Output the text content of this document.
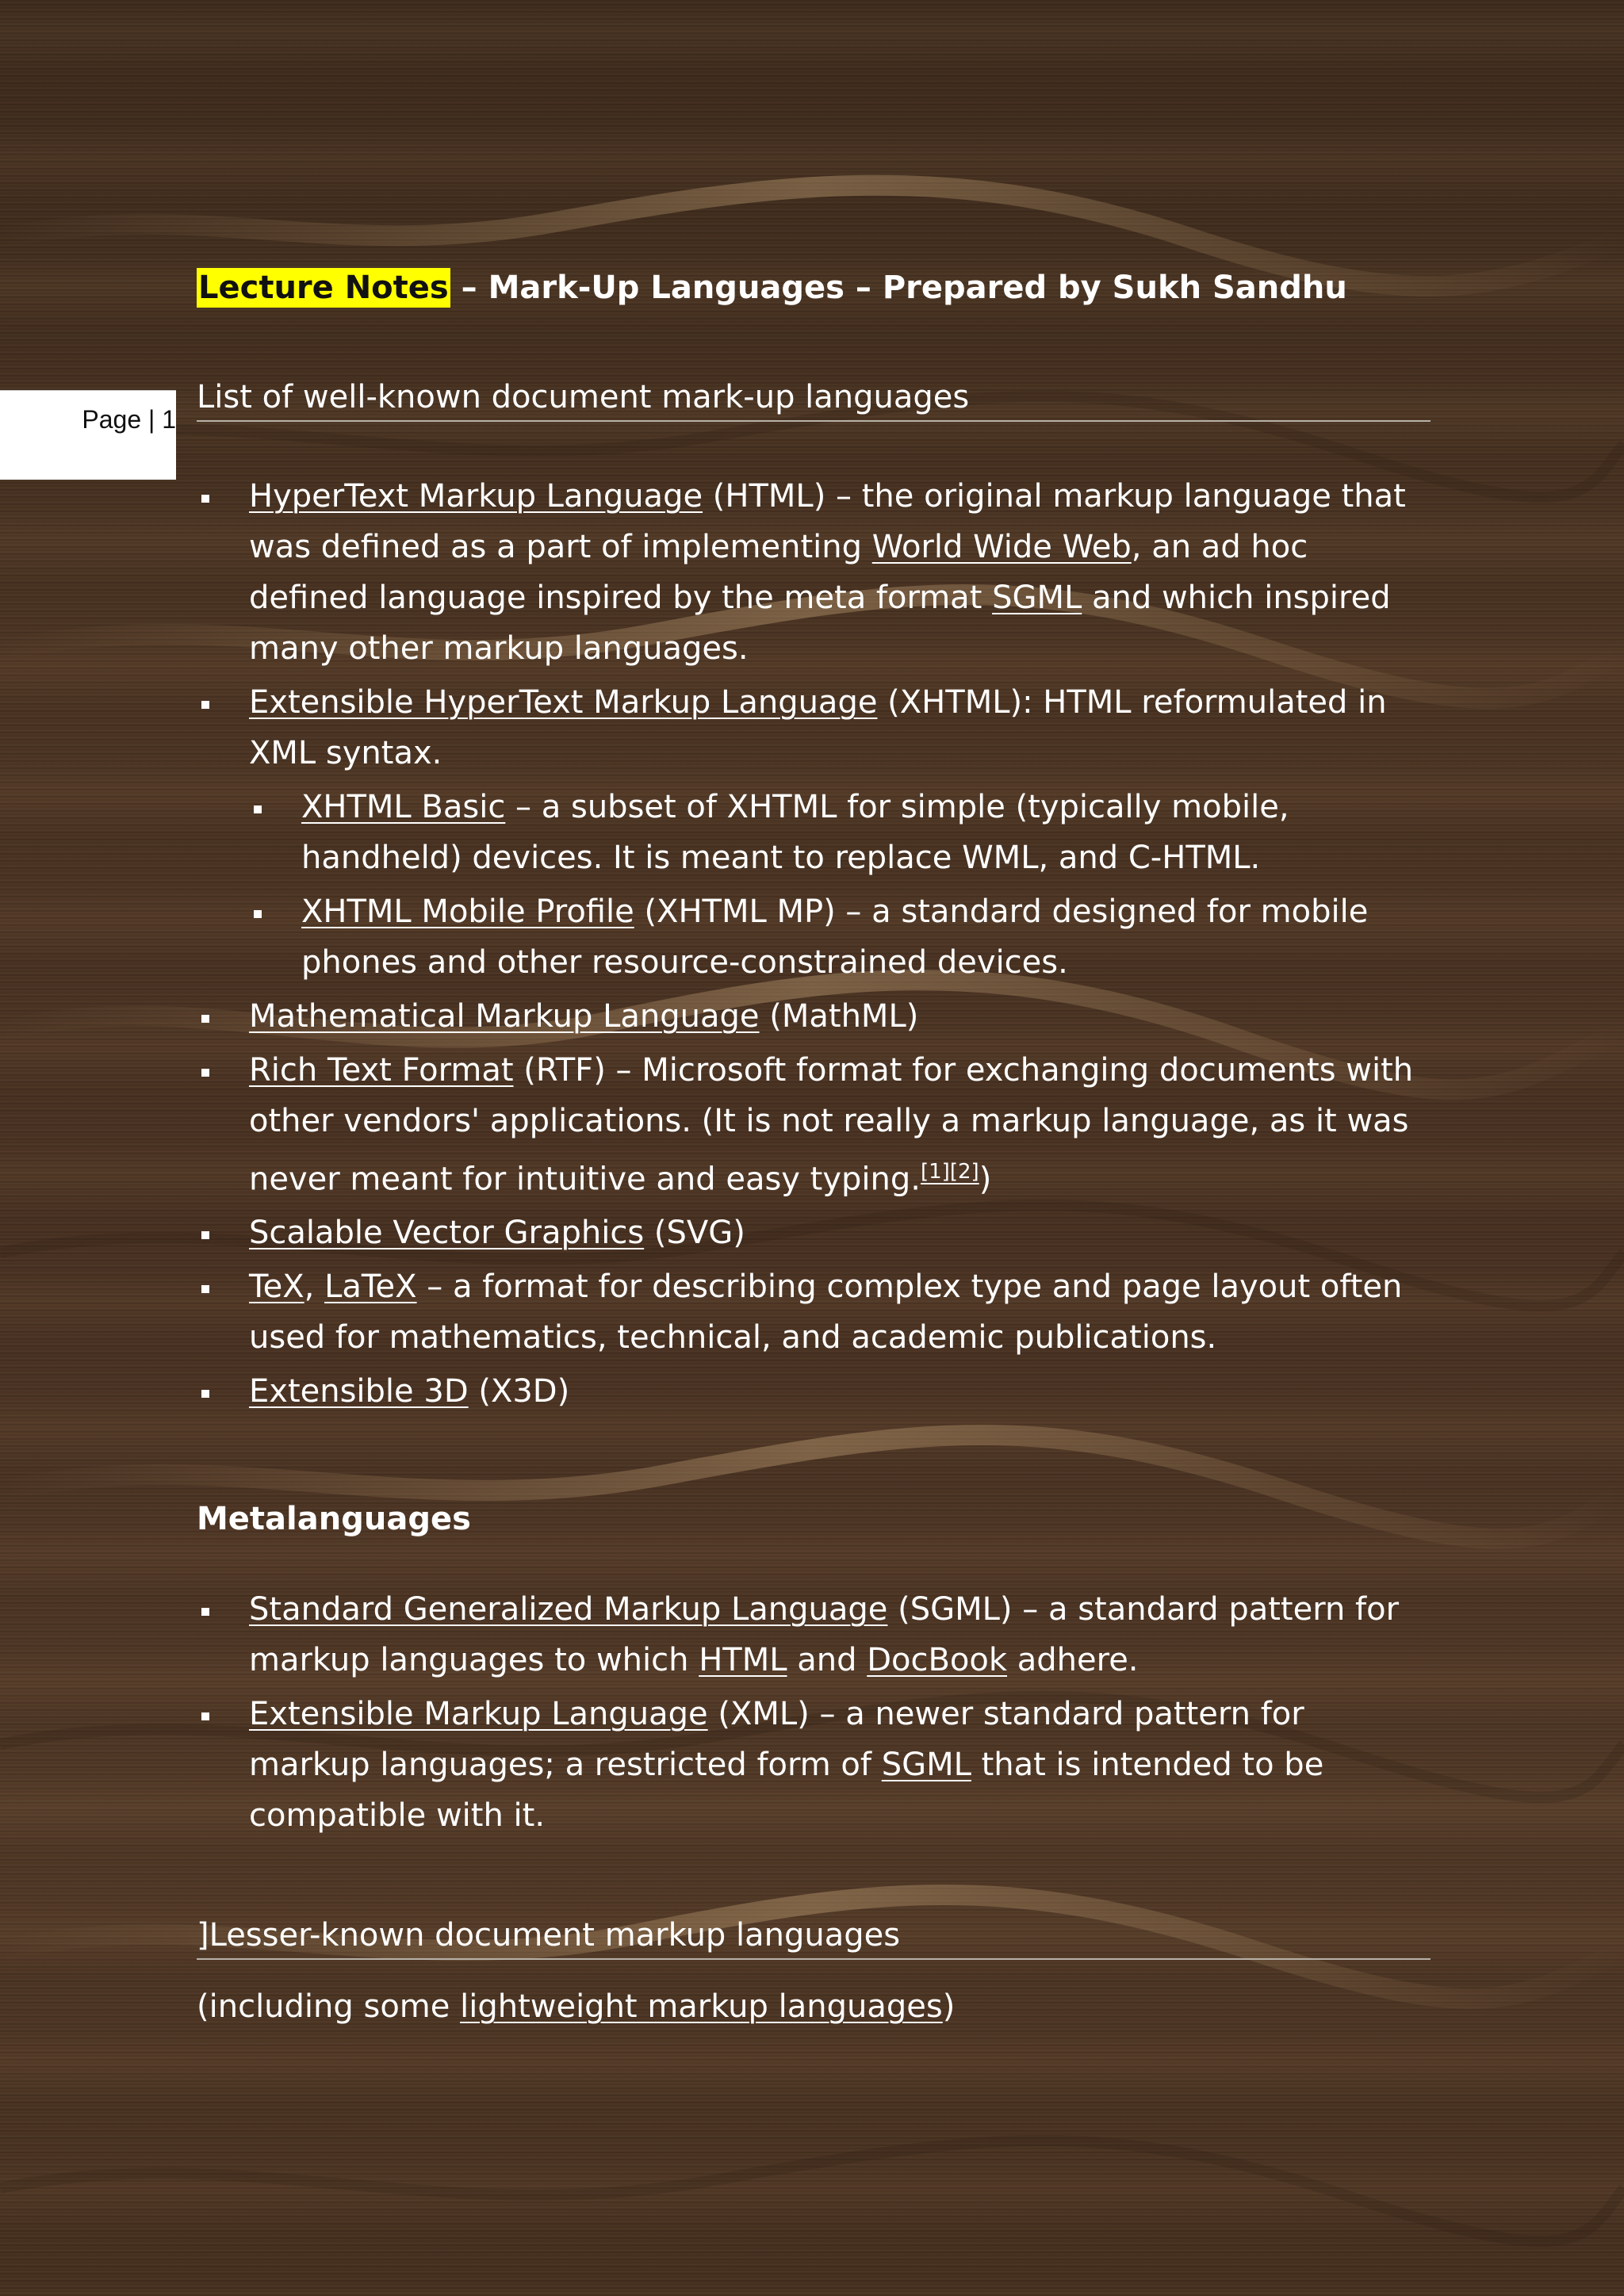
Page | 1
Lecture Notes – Mark-Up Languages – Prepared by Sukh Sandhu
List of well-known document mark-up languages
HyperText Markup Language (HTML) – the original markup language that was defined as a part of implementing World Wide Web, an ad hoc defined language inspired by the meta format SGML and which inspired many other markup languages.
Extensible HyperText Markup Language (XHTML): HTML reformulated in XML syntax.
XHTML Basic – a subset of XHTML for simple (typically mobile, handheld) devices. It is meant to replace WML, and C-HTML.
XHTML Mobile Profile (XHTML MP) – a standard designed for mobile phones and other resource-constrained devices.
Mathematical Markup Language (MathML)
Rich Text Format (RTF) – Microsoft format for exchanging documents with other vendors' applications. (It is not really a markup language, as it was never meant for intuitive and easy typing.[1][2])
Scalable Vector Graphics (SVG)
TeX, LaTeX – a format for describing complex type and page layout often used for mathematics, technical, and academic publications.
Extensible 3D (X3D)
Metalanguages
Standard Generalized Markup Language (SGML) – a standard pattern for markup languages to which HTML and DocBook adhere.
Extensible Markup Language (XML) – a newer standard pattern for markup languages; a restricted form of SGML that is intended to be compatible with it.
]Lesser-known document markup languages
(including some lightweight markup languages)
